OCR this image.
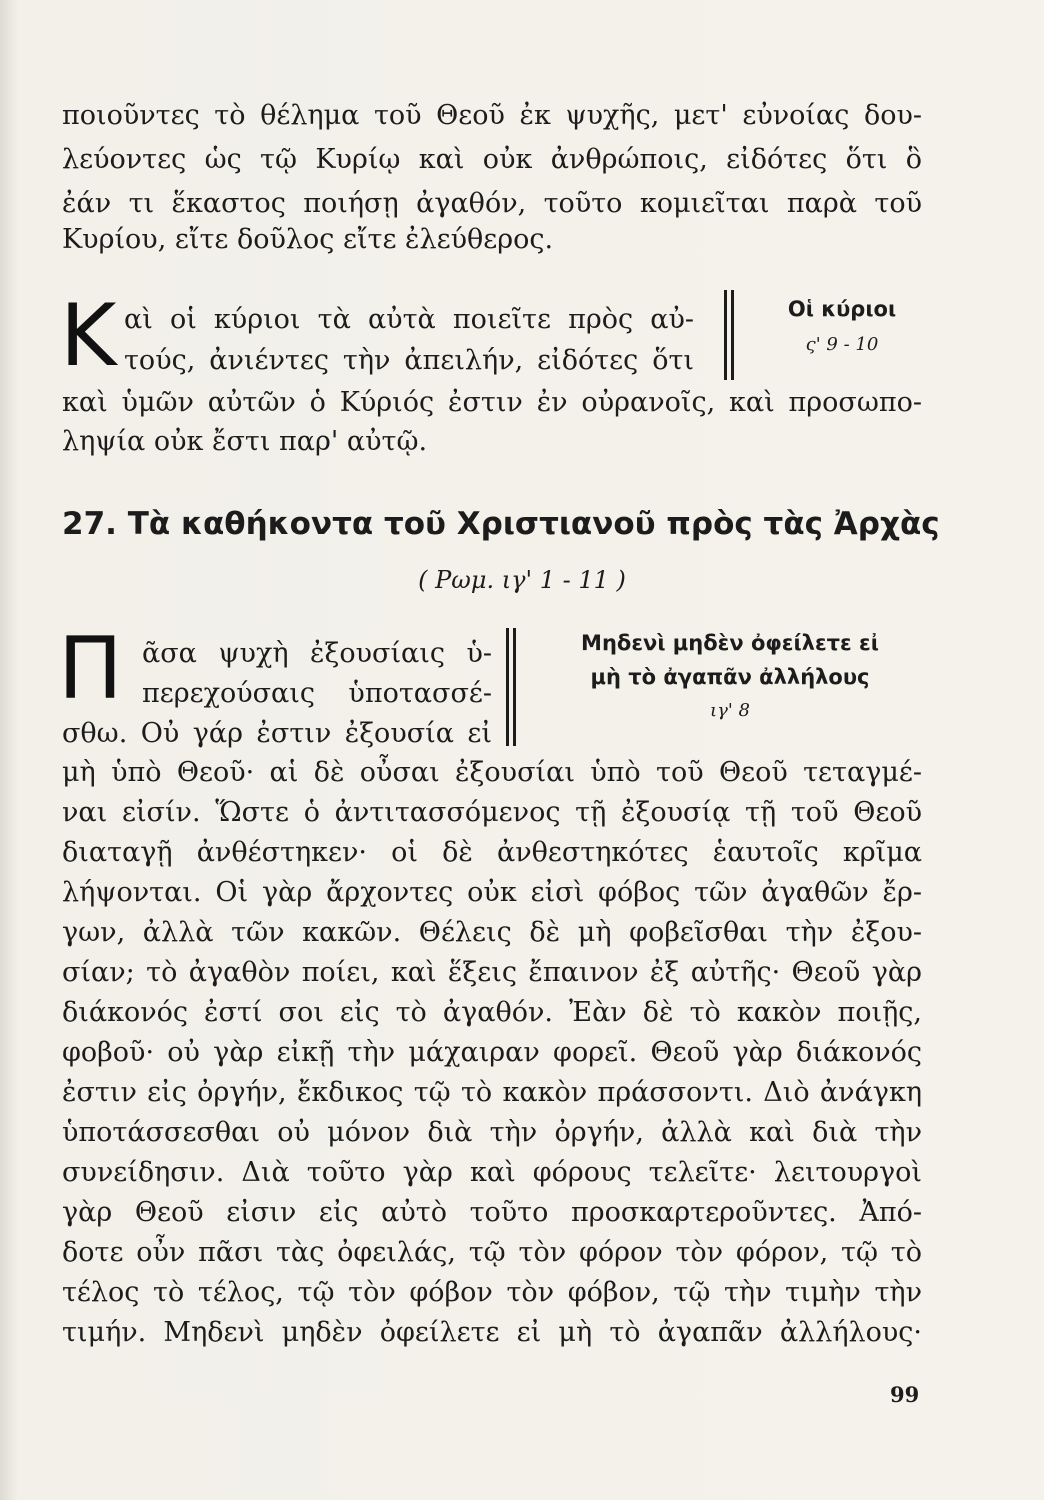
ποιοῦντες τὸ θέλημα τοῦ Θεοῦ ἐκ ψυχῆς, μετ' εὐνοίας δου-
λεύοντες ὡς τῷ Κυρίῳ καὶ οὐκ ἀνθρώποις, εἰδότες ὅτι ὃ
ἐάν τι ἕκαστος ποιήσῃ ἀγαθόν, τοῦτο κομιεῖται παρὰ τοῦ
Κυρίου, εἴτε δοῦλος εἴτε ἐλεύθερος.
Κ αὶ οἱ κύριοι τὰ αὐτὰ ποιεῖτε πρὸς αὐ-
τούς, ἀνιέντες τὴν ἀπειλήν, εἰδότες ὅτι
Οἱ κύριοι
ς' 9 - 10
καὶ ὑμῶν αὐτῶν ὁ Κύριός ἐστιν ἐν οὐρανοῖς, καὶ προσωπο-
ληψία οὐκ ἔστι παρ' αὐτῷ.
27. Τὰ καθήκοντα τοῦ Χριστιανοῦ πρὸς τὰς Ἀρχὰς
( Ρωμ. ιγ' 1 - 11 )
Π ᾶσα ψυχὴ ἐξουσίαις ὑ-
περεχούσαις ὑποτασσέ-
σθω. Οὐ γάρ ἐστιν ἐξουσία εἰ
Μηδενὶ μηδὲν ὀφείλετε εἰ
μὴ τὸ ἀγαπᾶν ἀλλήλους
ιγ' 8
μὴ ὑπὸ Θεοῦ· αἱ δὲ οὖσαι ἐξουσίαι ὑπὸ τοῦ Θεοῦ τεταγμέ-
ναι εἰσίν. Ὥστε ὁ ἀντιτασσόμενος τῇ ἐξουσίᾳ τῇ τοῦ Θεοῦ
διαταγῇ ἀνθέστηκεν· οἱ δὲ ἀνθεστηκότες ἑαυτοῖς κρῖμα
λήψονται. Οἱ γὰρ ἄρχοντες οὐκ εἰσὶ φόβος τῶν ἀγαθῶν ἔρ-
γων, ἀλλὰ τῶν κακῶν. Θέλεις δὲ μὴ φοβεῖσθαι τὴν ἐξου-
σίαν; τὸ ἀγαθὸν ποίει, καὶ ἕξεις ἔπαινον ἐξ αὐτῆς· Θεοῦ γὰρ
διάκονός ἐστί σοι εἰς τὸ ἀγαθόν. Ἐὰν δὲ τὸ κακὸν ποιῇς,
φοβοῦ· οὐ γὰρ εἰκῇ τὴν μάχαιραν φορεῖ. Θεοῦ γὰρ διάκονός
ἐστιν εἰς ὀργήν, ἔκδικος τῷ τὸ κακὸν πράσσοντι. Διὸ ἀνάγκη
ὑποτάσσεσθαι οὐ μόνον διὰ τὴν ὀργήν, ἀλλὰ καὶ διὰ τὴν
συνείδησιν. Διὰ τοῦτο γὰρ καὶ φόρους τελεῖτε· λειτουργοὶ
γὰρ Θεοῦ εἰσιν εἰς αὐτὸ τοῦτο προσκαρτεροῦντες. Ἀπό-
δοτε οὖν πᾶσι τὰς ὀφειλάς, τῷ τὸν φόρον τὸν φόρον, τῷ τὸ
τέλος τὸ τέλος, τῷ τὸν φόβον τὸν φόβον, τῷ τὴν τιμὴν τὴν
τιμήν. Μηδενὶ μηδὲν ὀφείλετε εἰ μὴ τὸ ἀγαπᾶν ἀλλήλους·
99
